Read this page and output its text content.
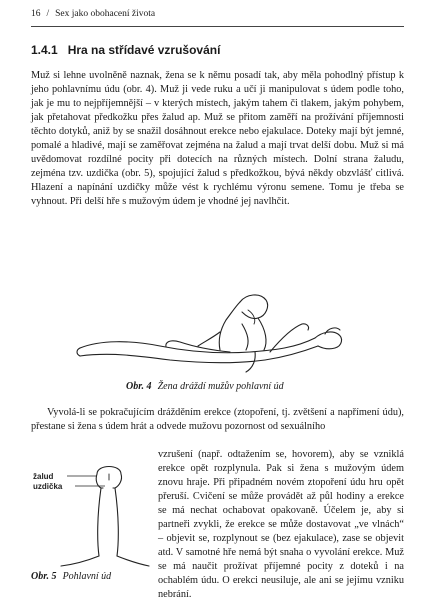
16 / Sex jako obohacení života
1.4.1 Hra na střídavé vzrušování

Muž si lehne uvolněně naznak, žena se k němu posadí tak, aby měla pohodlný přístup k jeho pohlavnímu údu (obr. 4). Muž ji vede ruku a učí ji manipulovat s údem podle toho, jak je mu to nejpříjemnější – v kterých místech, jakým tahem či tlakem, jakým pohybem, jak přetahovat předkožku přes žalud ap. Muž se přitom zaměří na prožívání příjemnosti těchto dotyků, aniž by se snažil dosáhnout erekce nebo ejakulace. Doteky mají být jemné, pomalé a hladivé, mají se zaměřovat zejména na žalud a mají trvat delší dobu. Muž si má uvědomovat rozdílné pocity při dotecích na různých místech. Dolní strana žaludu, zejména tzv. uzdička (obr. 5), spojující žalud s předkožkou, bývá někdy obzvlášť citlivá. Hlazení a napínání uzdičky může vést k rychlému výronu semene. Tomu je třeba se vyhnout. Při delší hře s mužovým údem je vhodné jej navlhčit.

Obr. 4 Žena dráždí mužův pohlavní úd

Vyvolá-li se pokračujícím drážděním erekce (ztopoření, tj. zvětšení a napřímení údu), přestane si žena s údem hrát a odvede mužovu pozornost od sexuálního

vzrušení (např. odtažením se, hovorem), aby se vzniklá erekce opět rozplynula. Pak si žena s mužovým údem znovu hraje. Při připadném novém ztopoření údu hru opět přeruší. Cvičení se může provádět až půl hodiny a erekce se má nechat ochabovat opakovaně. Účelem je, aby si partneři zvykli, že erekce se může dostavovat „ve vlnách“ – objevit se, rozplynout se (bez ejakulace), zase se objevit atd. V samotné hře nemá být snaha o vyvolání erekce. Muž se má naučit prožívat příjemné pocity z doteků i na ochablém údu. O erekci neusiluje, ale ani se jejímu vzniku nebrání.

žalud
uzdička
Obr. 5 Pohlavní úd
